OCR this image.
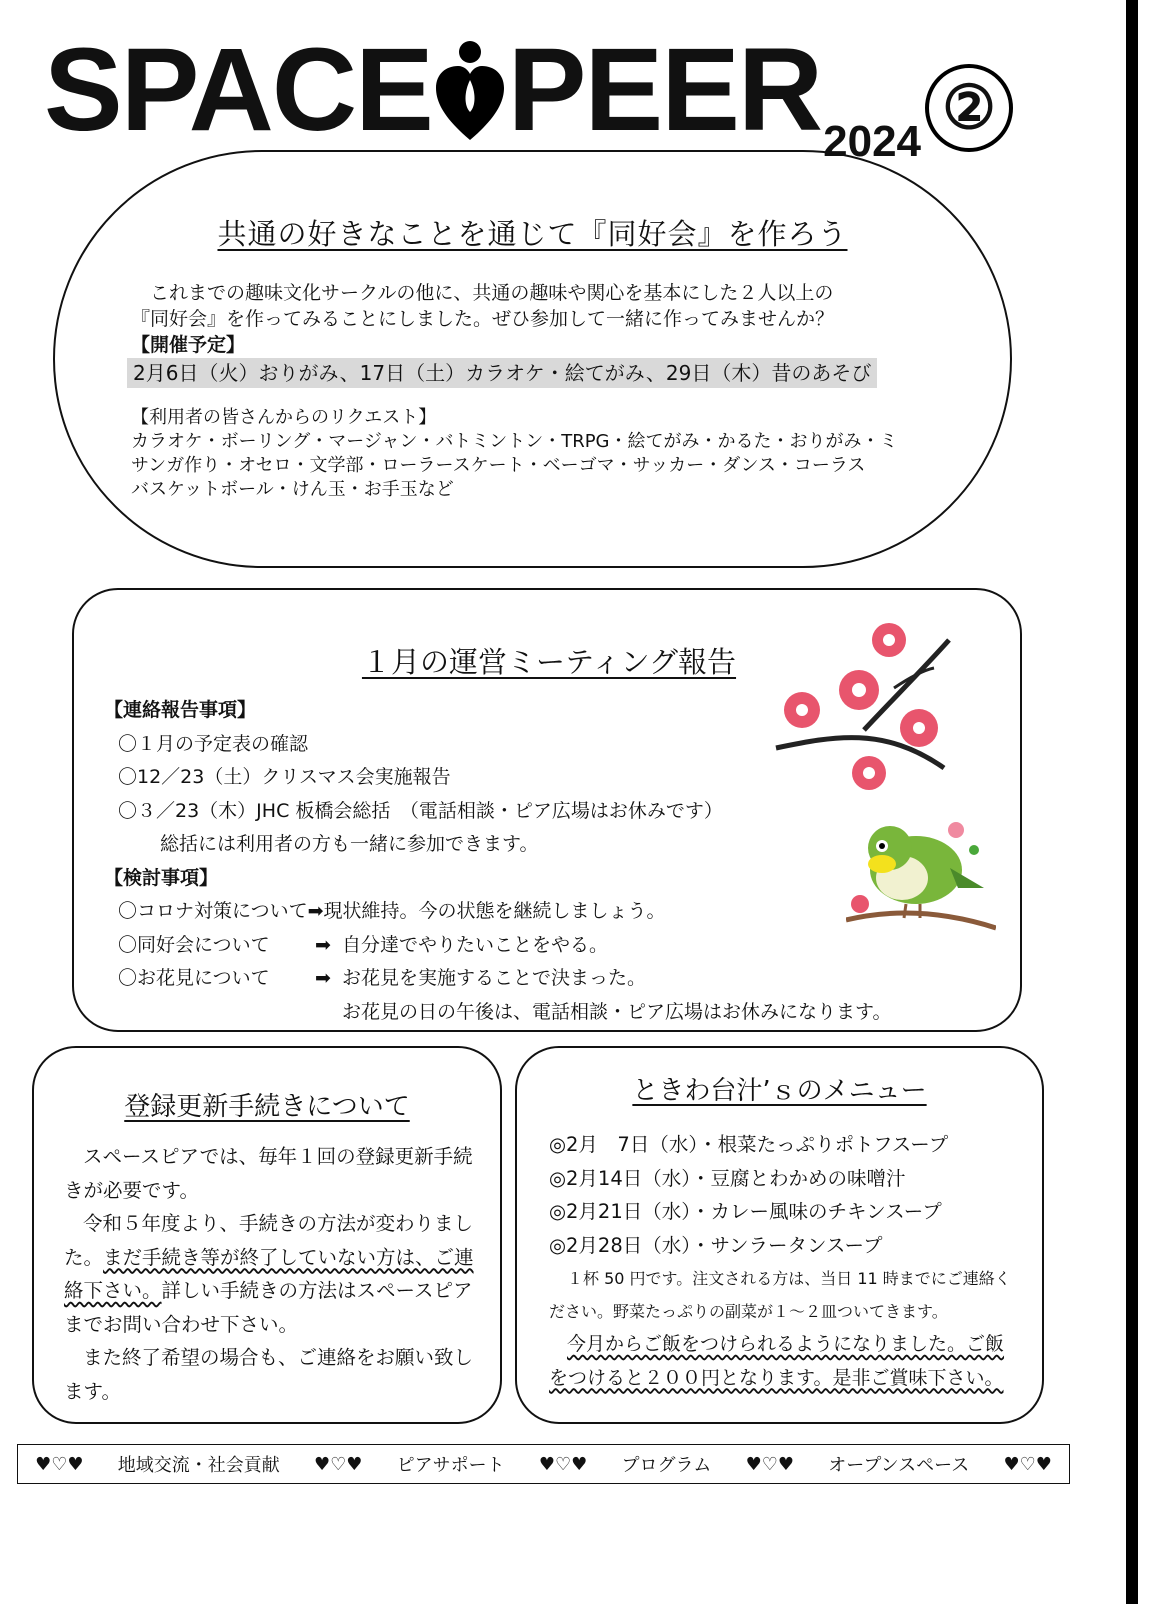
SPACE PEER2024②
共通の好きなことを通じて『同好会』を作ろう
これまでの趣味文化サークルの他に、共通の趣味や関心を基本にした２人以上の
『同好会』を作ってみることにしました。ぜひ参加して一緒に作ってみませんか？
【開催予定】
2月6日（火）おりがみ、17日（土）カラオケ・絵てがみ、29日（木）昔のあそび
【利用者の皆さんからのリクエスト】
カラオケ・ボーリング・マージャン・バトミントン・TRPG・絵てがみ・かるた・おりがみ・ミ
サンガ作り・オセロ・文学部・ローラースケート・ベーゴマ・サッカー・ダンス・コーラス
バスケットボール・けん玉・お手玉など
１月の運営ミーティング報告
【連絡報告事項】
〇１月の予定表の確認
〇12／23（土）クリスマス会実施報告
〇３／23（木）JHC 板橋会総括　（電話相談・ピア広場はお休みです）
総括には利用者の方も一緒に参加できます。
【検討事項】
〇コロナ対策について➡現状維持。今の状態を継続しましょう。
〇同好会について ➡ 自分達でやりたいことをやる。
〇お花見について ➡ お花見を実施することで決まった。
お花見の日の午後は、電話相談・ピア広場はお休みになります。
登録更新手続きについて
スペースピアでは、毎年１回の登録更新手続きが必要です。
令和５年度より、手続きの方法が変わりました。まだ手続き等が終了していない方は、ご連絡下さい。詳しい手続きの方法はスペースピアまでお問い合わせ下さい。
また終了希望の場合も、ご連絡をお願い致します。
ときわ台汁’ｓのメニュー
◎2月　7日（水）・根菜たっぷりポトフスープ
◎2月14日（水）・豆腐とわかめの味噌汁
◎2月21日（水）・カレー風味のチキンスープ
◎2月28日（水）・サンラータンスープ
１杯 50 円です。注文される方は、当日 11 時までにご連絡ください。野菜たっぷりの副菜が１～２皿ついてきます。
今月からご飯をつけられるようになりました。ご飯をつけると２００円となります。是非ご賞味下さい。
♥♡♥ 地域交流・社会貢献 ♥♡♥ ピアサポート ♥♡♥ プログラム ♥♡♥ オープンスペース ♥♡♥
